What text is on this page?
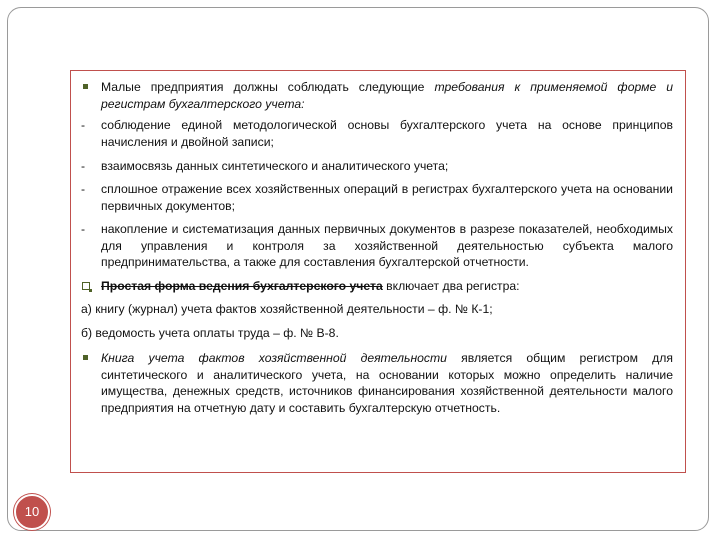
Малые предприятия должны соблюдать следующие требования к применяемой форме и регистрам бухгалтерского учета:
- соблюдение единой методологической основы бухгалтерского учета на основе принципов начисления и двойной записи;
- взаимосвязь данных синтетического и аналитического учета;
- сплошное отражение всех хозяйственных операций в регистрах бухгалтерского учета на основании первичных документов;
- накопление и систематизация данных первичных документов в разрезе показателей, необходимых для управления и контроля за хозяйственной деятельностью субъекта малого предпринимательства, а также для составления бухгалтерской отчетности.
Простая форма ведения бухгалтерского учета включает два регистра:
а) книгу (журнал) учета фактов хозяйственной деятельности – ф. № К-1;
б) ведомость учета оплаты труда – ф. № В-8.
Книга учета фактов хозяйственной деятельности является общим регистром для синтетического и аналитического учета, на основании которых можно определить наличие имущества, денежных средств, источников финансирования хозяйственной деятельности малого предприятия на отчетную дату и составить бухгалтерскую отчетность.
10
